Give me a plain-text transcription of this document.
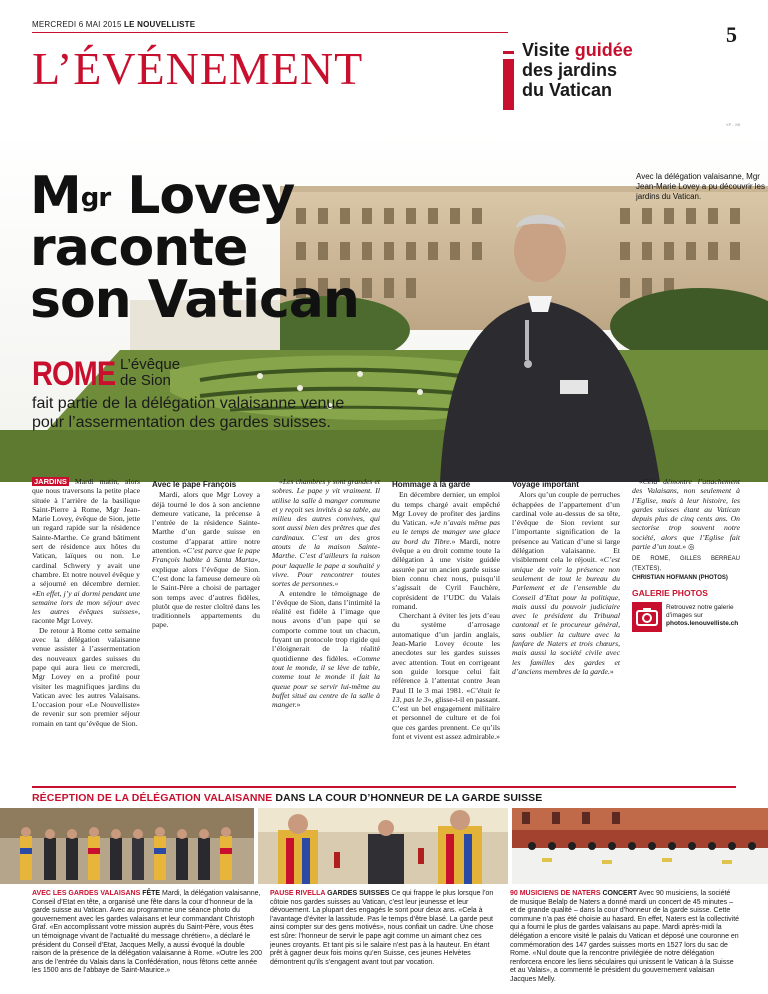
MERCREDI 6 MAI 2015 LE NOUVELLISTE	5
L’ÉVÉNEMENT	Visite guidée
des jardins
du Vatican
XP - XB
$M^{gr}$ Lovey
raconte
son Vatican
Avec la délégation valaisanne, Mgr Jean-Marie Lovey a pu découvrir les jardins du Vatican.
ROME L’évêque
de Sion
fait partie de la délégation valaisanne venue pour l’assermentation des gardes suisses.

JARDINS Mardi matin, alors que nous traversons la petite place située à l’arrière de la basilique Saint-Pierre à Rome, Mgr Jean-Marie Lovey, évêque de Sion, jette un regard rapide sur la résidence Sainte-Marthe. Ce grand bâtiment sert de résidence aux hôtes du Vatican, laïques ou non. Le cardinal Schwery y avait une chambre. Et notre nouvel évêque y a séjourné en décembre dernier. «En effet, j’y ai dormi pendant une semaine lors de mon séjour avec les autres évêques suisses», raconte Mgr Lovey.

De retour à Rome cette semaine avec la délégation valaisanne venue assister à l’assermentation des nouveaux gardes suisses du pape qui aura lieu ce mercredi, Mgr Lovey en a profité pour visiter les magnifiques jardins du Vatican avec les autres Valaisans. L’occasion pour «Le Nouvelliste» de revenir sur son premier séjour romain en tant qu’évêque de Sion.

Avec le pape François

Mardi, alors que Mgr Lovey a déjà tourné le dos à son ancienne demeure vaticane, la précense à l’entrée de la résidence Sainte-Marthe d’un garde suisse en costume d’apparat attire notre attention. «C’est parce que le pape François habite à Santa Marta», explique alors l’évêque de Sion. C’est donc la fameuse demeure où le Saint-Père a choisi de partager son temps avec d’autres fidèles, plutôt que de rester cloîtré dans les traditionnels appartements du pape.

«Les chambres y sont grandes et sobres. Le pape y vit vraiment. Il utilise la salle à manger commune et y reçoit ses invités à sa table, au milieu des autres convives, qui sont aussi bien des prêtres que des cardinaux. C’est un des gros atouts de la maison Sainte-Marthe. C’est d’ailleurs la raison pour laquelle le pape a souhaité y vivre. Pour rencontrer toutes sortes de personnes.»

A entendre le témoignage de l’évêque de Sion, dans l’intimité la réalité est fidèle à l’image que nous avons d’un pape qui se comporte comme tout un chacun, fuyant un protocole trop rigide qui l’éloignerait de la réalité quotidienne des fidèles. «Comme tout le monde, il se lève de table, comme tout le monde il fait la queue pour se servir lui-même au buffet situé au centre de la salle à manger.»

Hommage à la garde

En décembre dernier, un emploi du temps chargé avait empêché Mgr Lovey de profiter des jardins du Vatican. «Je n’avais même pas eu le temps de manger une glace au bord du Tibre.» Mardi, notre évêque a eu droit comme toute la délégation à une visite guidée assurée par un ancien garde suisse bien connu chez nous, puisqu’il s’agissait de Cyril Fauchère, coprésident de l’UDC du Valais romand.

Cherchant à éviter les jets d’eau du système d’arrosage automatique d’un jardin anglais, Jean-Marie Lovey écoute les anecdotes sur les gardes suisses avec attention. Tout en corrigeant son guide lorsque celui fait référence à l’attentat contre Jean Paul II le 3 mai 1981. «C’était le 13, pas le 3», glisse-t-il en passant. C’est un bel engagement militaire et personnel de culture et de foi que ces gardes prennent. Ce qu’ils font et vivent est assez admirable.»

Voyage important

Alors qu’un couple de perruches échappées de l’appartement d’un cardinal vole au-dessus de sa tête, l’évêque de Sion revient sur l’importante signification de la présence au Vatican d’une si large délégation valaisanne. Et visiblement cela le réjouit. «C’est unique de voir la présence non seulement de tout le bureau du Parlement et de l’ensemble du Conseil d’Etat pour la politique, mais aussi du pouvoir judiciaire avec le président du Tribunal cantonal et le procureur général, sans oublier la culture avec la fanfare de Naters et trois chœurs, mais aussi la société civile avec les familles des gardes et d’anciens membres de la garde.»

«Cela démontre l’attachement des Valaisans, non seulement à l’Eglise, mais à leur histoire, les gardes suisses étant au Vatican depuis plus de cinq cents ans. On sectorise trop souvent notre société, alors que l’Eglise fait partie d’un tout.» ◎

DE ROME, GILLES BERREAU (TEXTES),

CHRISTIAN HOFMANN (PHOTOS)

GALERIE PHOTOS
Retrouvez notre galerie
d’images sur
photos.lenouvelliste.ch
RÉCEPTION DE LA DÉLÉGATION VALAISANNE DANS LA COUR D’HONNEUR DE LA GARDE SUISSE
AVEC LES GARDES VALAISANS FÊTE Mardi, la délégation valaisanne, Conseil d’Etat en tête, a organisé une fête dans la cour d’honneur de la garde suisse au Vatican. Avec au programme une séance photo du gouvernement avec les gardes valaisans et leur commandant Christoph Graf. «En accomplissant votre mission auprès du Saint-Père, vous êtes un témoignage vivant de l’actualité du message chrétien», a déclaré le président du Conseil d’Etat, Jacques Melly, a aussi évoqué la double raison de la présence de la délégation valaisanne à Rome. «Outre les 200 ans de l’entrée du Valais dans la Confédération, nous fêtons cette année les 1500 ans de l’abbaye de Saint-Maurice.»
PAUSE RIVELLA GARDES SUISSES Ce qui frappe le plus lorsque l’on côtoie nos gardes suisses au Vatican, c’est leur jeunesse et leur dévouement. La plupart des engagés le sont pour deux ans. «Cela à l’avantage d’éviter la lassitude. Pas le temps d’être blasé. La garde peut ainsi compter sur des gens motivés», nous confiait un cadre. Une chose est sûre: l’honneur de servir le pape agit comme un aimant chez ces jeunes croyants. Et tant pis si le salaire n’est pas à la hauteur. En étant prêt à gagner deux fois moins qu’en Suisse, ces jeunes Helvètes démontrent qu’ils s’engagent avant tout par vocation.
90 MUSICIENS DE NATERS CONCERT Avec 90 musiciens, la société de musique Belalp de Naters a donné mardi un concert de 45 minutes – et de grande qualité – dans la cour d’honneur de la garde suisse. Cette commune n’a pas été choisie au hasard. En effet, Naters est la collectivité qui a fourni le plus de gardes valaisans au pape. Mardi après-midi la délégation a encore visité le palais du Vatican et déposé une couronne en commémoration des 147 gardes suisses morts en 1527 lors du sac de Rome. «Nul doute que la rencontre privilégiée de notre délégation renforcera encore les liens séculaires qui unissent le Vatican à la Suisse et au Valais», a commenté le président du gouvernement valaisan Jacques Melly.
